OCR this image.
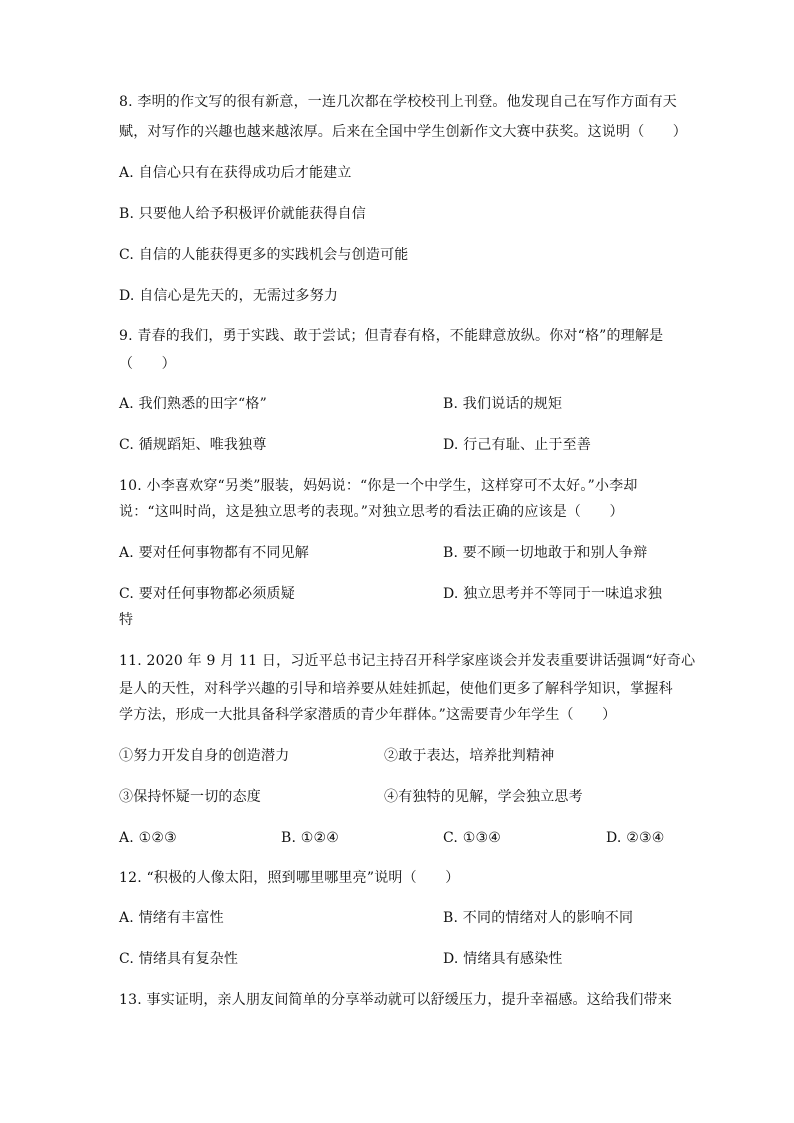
8. 李明的作文写的很有新意，一连几次都在学校校刊上刊登。他发现自己在写作方面有天
赋，对写作的兴趣也越来越浓厚。后来在全国中学生创新作文大赛中获奖。这说明（　　）
A. 自信心只有在获得成功后才能建立
B. 只要他人给予积极评价就能获得自信
C. 自信的人能获得更多的实践机会与创造可能
D. 自信心是先天的，无需过多努力
9. 青春的我们，勇于实践、敢于尝试；但青春有格，不能肆意放纵。你对“格”的理解是
（　　）
A. 我们熟悉的田字“格”	B. 我们说话的规矩
C. 循规蹈矩、唯我独尊	D. 行己有耻、止于至善
10. 小李喜欢穿“另类”服装，妈妈说：“你是一个中学生，这样穿可不太好。”小李却
说：“这叫时尚，这是独立思考的表现。”对独立思考的看法正确的应该是（　　）
A. 要对任何事物都有不同见解	B. 要不顾一切地敢于和别人争辩
C. 要对任何事物都必须质疑	D. 独立思考并不等同于一味追求独
特
11. 2020 年 9 月 11 日，习近平总书记主持召开科学家座谈会并发表重要讲话强调“好奇心
是人的天性，对科学兴趣的引导和培养要从娃娃抓起，使他们更多了解科学知识，掌握科
学方法，形成一大批具备科学家潜质的青少年群体。”这需要青少年学生（　　）
①努力开发自身的创造潜力	②敢于表达，培养批判精神
③保持怀疑一切的态度	④有独特的见解，学会独立思考
A. ①②③	B. ①②④	C. ①③④	D. ②③④
12. “积极的人像太阳，照到哪里哪里亮”说明（　　）
A. 情绪有丰富性	B. 不同的情绪对人的影响不同
C. 情绪具有复杂性	D. 情绪具有感染性
13. 事实证明，亲人朋友间简单的分享举动就可以舒缓压力，提升幸福感。这给我们带来
